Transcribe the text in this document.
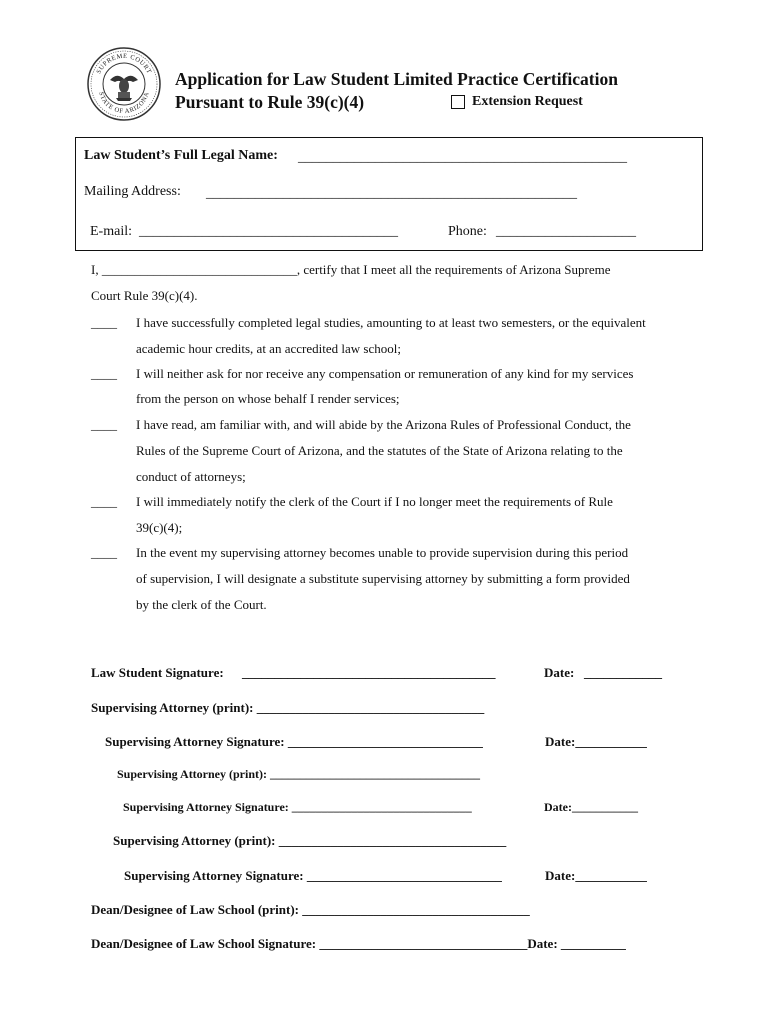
SUPREME COURT
STATE OF ARIZONA
Application for Law Student Limited Practice Certification
Pursuant to Rule 39(c)(4)	Extension Request
Law Student’s Full Legal Name: _______________________________________________
Mailing Address: _____________________________________________________
E-mail: _____________________________________	Phone: ____________________
I, ______________________________, certify that I meet all the requirements of Arizona Supreme
Court Rule 39(c)(4).
____ I have successfully completed legal studies, amounting to at least two semesters, or the equivalent
academic hour credits, at an accredited law school;
____ I will neither ask for nor receive any compensation or remuneration of any kind for my services
from the person on whose behalf I render services;
____ I have read, am familiar with, and will abide by the Arizona Rules of Professional Conduct, the
Rules of the Supreme Court of Arizona, and the statutes of the State of Arizona relating to the
conduct of attorneys;
____ I will immediately notify the clerk of the Court if I no longer meet the requirements of Rule
39(c)(4);
____ In the event my supervising attorney becomes unable to provide supervision during this period
of supervision, I will designate a substitute supervising attorney by submitting a form provided
by the clerk of the Court.
Law Student Signature: _______________________________________	Date: ____________
Supervising Attorney (print): ___________________________________
Supervising Attorney Signature: ______________________________	Date:___________
Supervising Attorney (print): ___________________________________
Supervising Attorney Signature: ______________________________	Date:___________
Supervising Attorney (print): ___________________________________
Supervising Attorney Signature: ______________________________	Date:___________
Dean/Designee of Law School (print): ___________________________________
Dean/Designee of Law School Signature: ________________________________Date: __________
